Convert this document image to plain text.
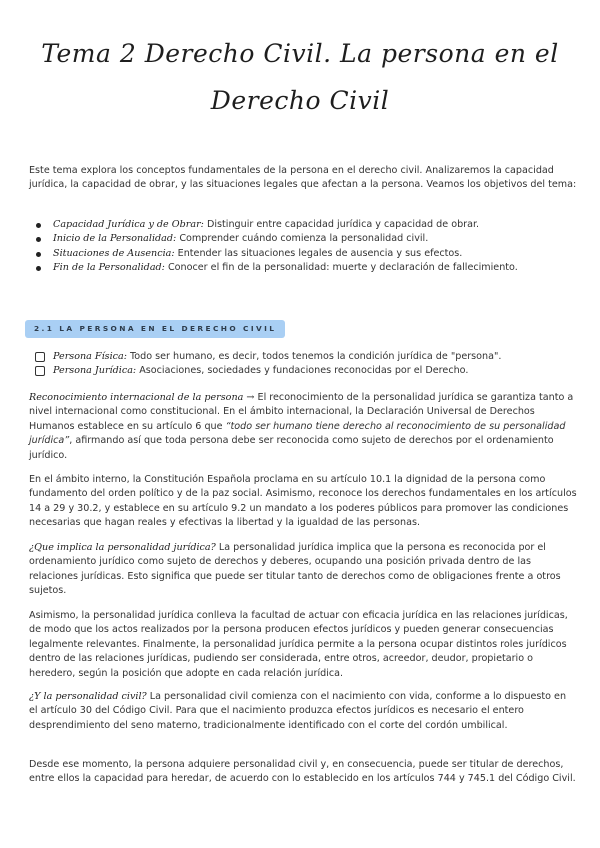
Tema 2 Derecho Civil. La persona en el
Derecho Civil
Este tema explora los conceptos fundamentales de la persona en el derecho civil. Analizaremos la capacidad jurídica, la capacidad de obrar, y las situaciones legales que afectan a la persona. Veamos los objetivos del tema:
Capacidad Jurídica y de Obrar: Distinguir entre capacidad jurídica y capacidad de obrar.
Inicio de la Personalidad: Comprender cuándo comienza la personalidad civil.
Situaciones de Ausencia: Entender las situaciones legales de ausencia y sus efectos.
Fin de la Personalidad: Conocer el fin de la personalidad: muerte y declaración de fallecimiento.
2.1 LA PERSONA EN EL DERECHO CIVIL
Persona Física: Todo ser humano, es decir, todos tenemos la condición jurídica de "persona".
Persona Jurídica: Asociaciones, sociedades y fundaciones reconocidas por el Derecho.
Reconocimiento internacional de la persona → El reconocimiento de la personalidad jurídica se garantiza tanto a nivel internacional como constitucional. En el ámbito internacional, la Declaración Universal de Derechos Humanos establece en su artículo 6 que “todo ser humano tiene derecho al reconocimiento de su personalidad jurídica”, afirmando así que toda persona debe ser reconocida como sujeto de derechos por el ordenamiento jurídico.
En el ámbito interno, la Constitución Española proclama en su artículo 10.1 la dignidad de la persona como fundamento del orden político y de la paz social. Asimismo, reconoce los derechos fundamentales en los artículos 14 a 29 y 30.2, y establece en su artículo 9.2 un mandato a los poderes públicos para promover las condiciones necesarias que hagan reales y efectivas la libertad y la igualdad de las personas.
¿Que implica la personalidad jurídica? La personalidad jurídica implica que la persona es reconocida por el ordenamiento jurídico como sujeto de derechos y deberes, ocupando una posición privada dentro de las relaciones jurídicas. Esto significa que puede ser titular tanto de derechos como de obligaciones frente a otros sujetos.
Asimismo, la personalidad jurídica conlleva la facultad de actuar con eficacia jurídica en las relaciones jurídicas, de modo que los actos realizados por la persona producen efectos jurídicos y pueden generar consecuencias legalmente relevantes. Finalmente, la personalidad jurídica permite a la persona ocupar distintos roles jurídicos dentro de las relaciones jurídicas, pudiendo ser considerada, entre otros, acreedor, deudor, propietario o heredero, según la posición que adopte en cada relación jurídica.
¿Y la personalidad civil? La personalidad civil comienza con el nacimiento con vida, conforme a lo dispuesto en el artículo 30 del Código Civil. Para que el nacimiento produzca efectos jurídicos es necesario el entero desprendimiento del seno materno, tradicionalmente identificado con el corte del cordón umbilical.
Desde ese momento, la persona adquiere personalidad civil y, en consecuencia, puede ser titular de derechos, entre ellos la capacidad para heredar, de acuerdo con lo establecido en los artículos 744 y 745.1 del Código Civil.
